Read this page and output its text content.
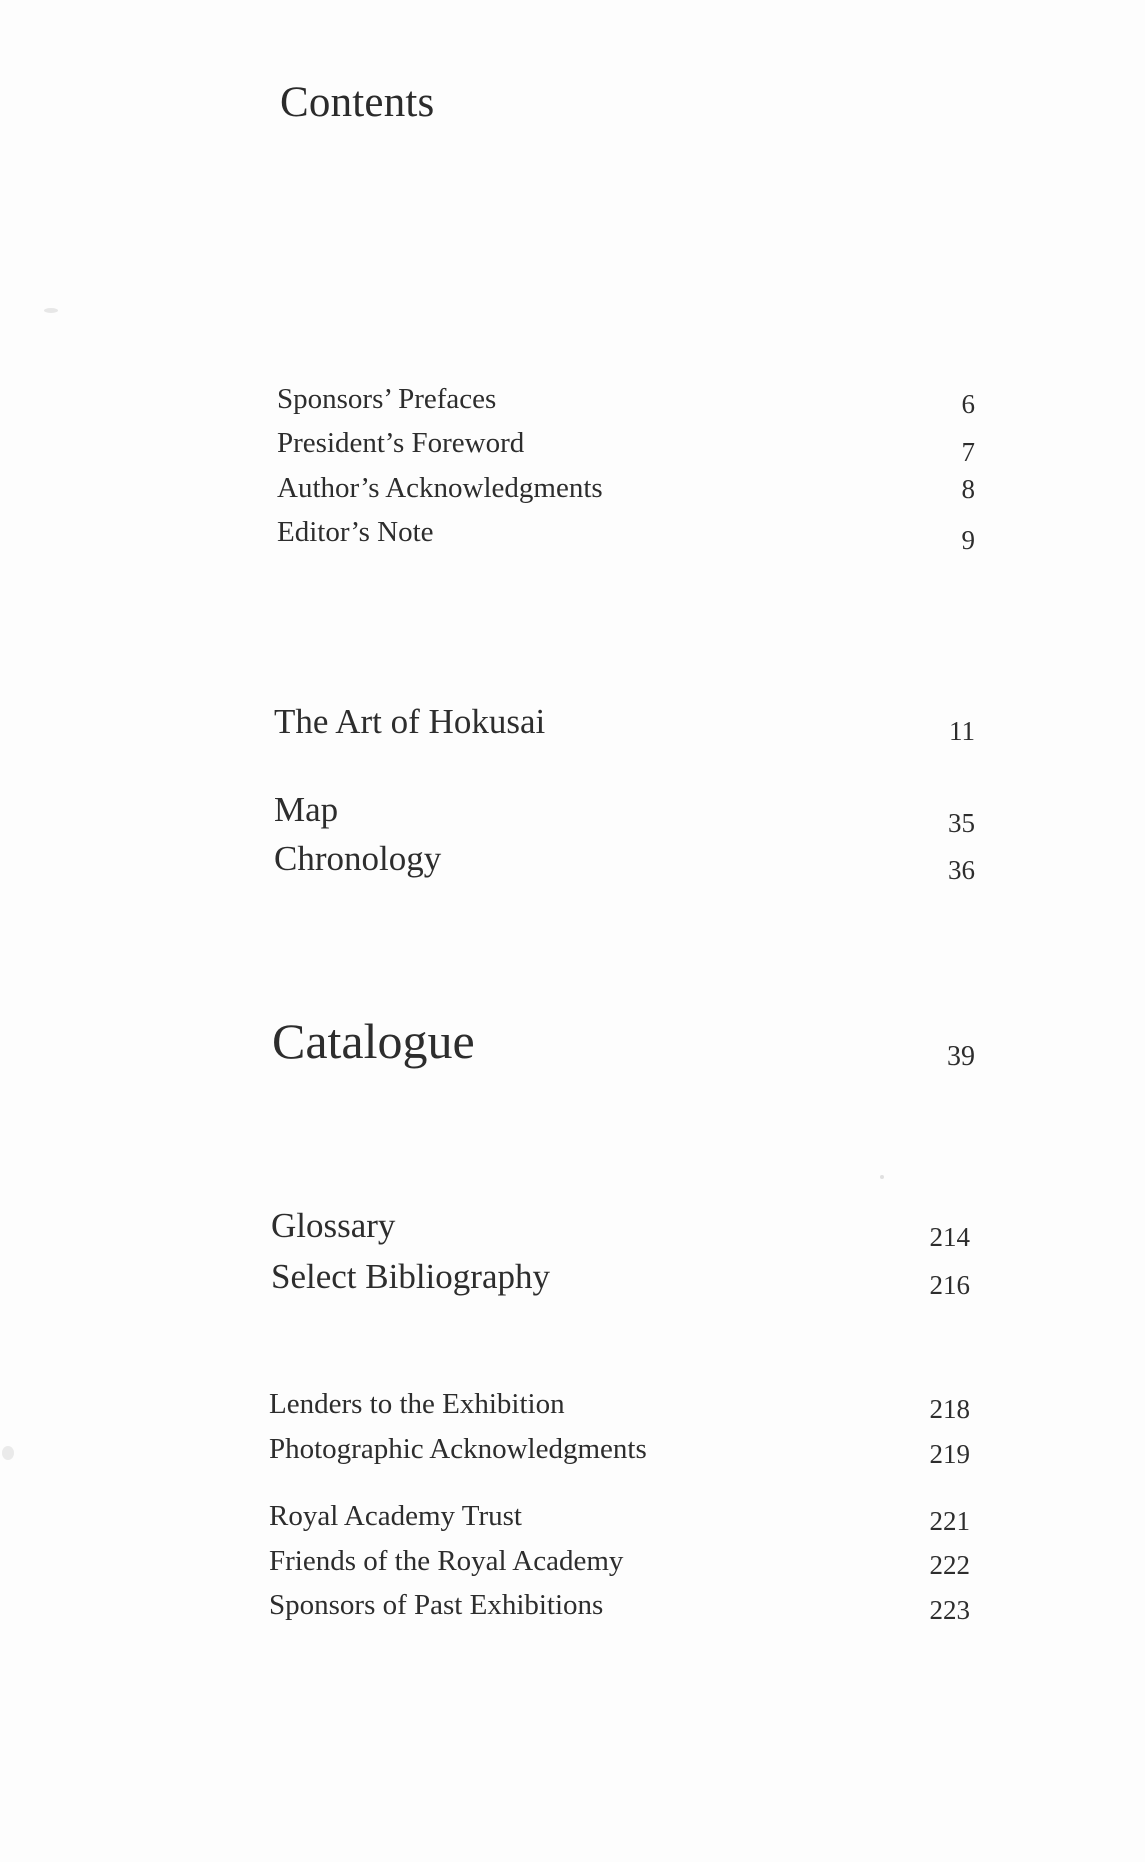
Contents
Sponsors’ Prefaces	6
President’s Foreword	7
Author’s Acknowledgments	8
Editor’s Note	9
The Art of Hokusai	11
Map	35
Chronology	36
Catalogue	39
Glossary	214
Select Bibliography	216
Lenders to the Exhibition	218
Photographic Acknowledgments	219
Royal Academy Trust	221
Friends of the Royal Academy	222
Sponsors of Past Exhibitions	223
